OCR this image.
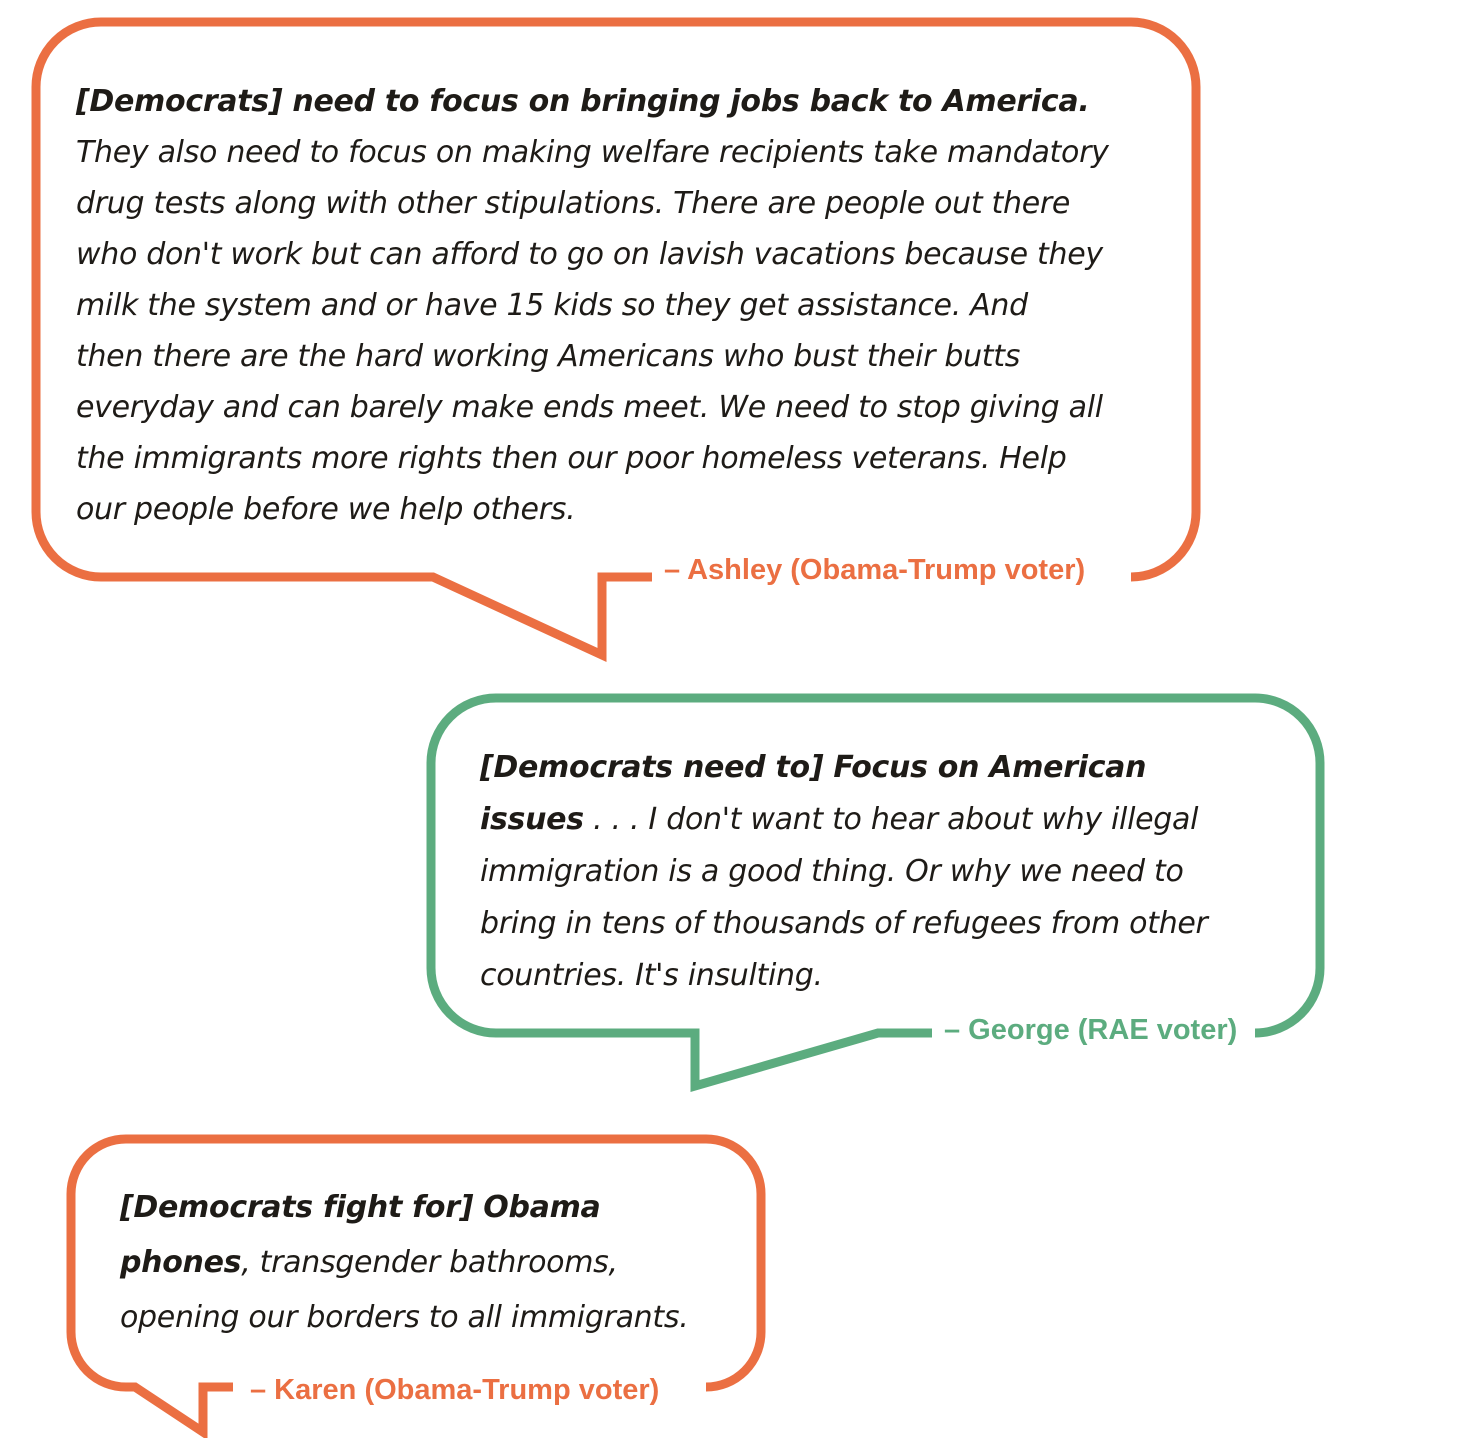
[Democrats] need to focus on bringing jobs back to America.
They also need to focus on making welfare recipients take mandatory
drug tests along with other stipulations. There are people out there
who don't work but can afford to go on lavish vacations because they
milk the system and or have 15 kids so they get assistance. And
then there are the hard working Americans who bust their butts
everyday and can barely make ends meet. We need to stop giving all
the immigrants more rights then our poor homeless veterans. Help
our people before we help others.
– Ashley (Obama-Trump voter)
[Democrats need to] Focus on American
issues . . . I don't want to hear about why illegal
immigration is a good thing. Or why we need to
bring in tens of thousands of refugees from other
countries. It's insulting.
– George (RAE voter)
[Democrats fight for] Obama
phones, transgender bathrooms,
opening our borders to all immigrants.
– Karen (Obama-Trump voter)
